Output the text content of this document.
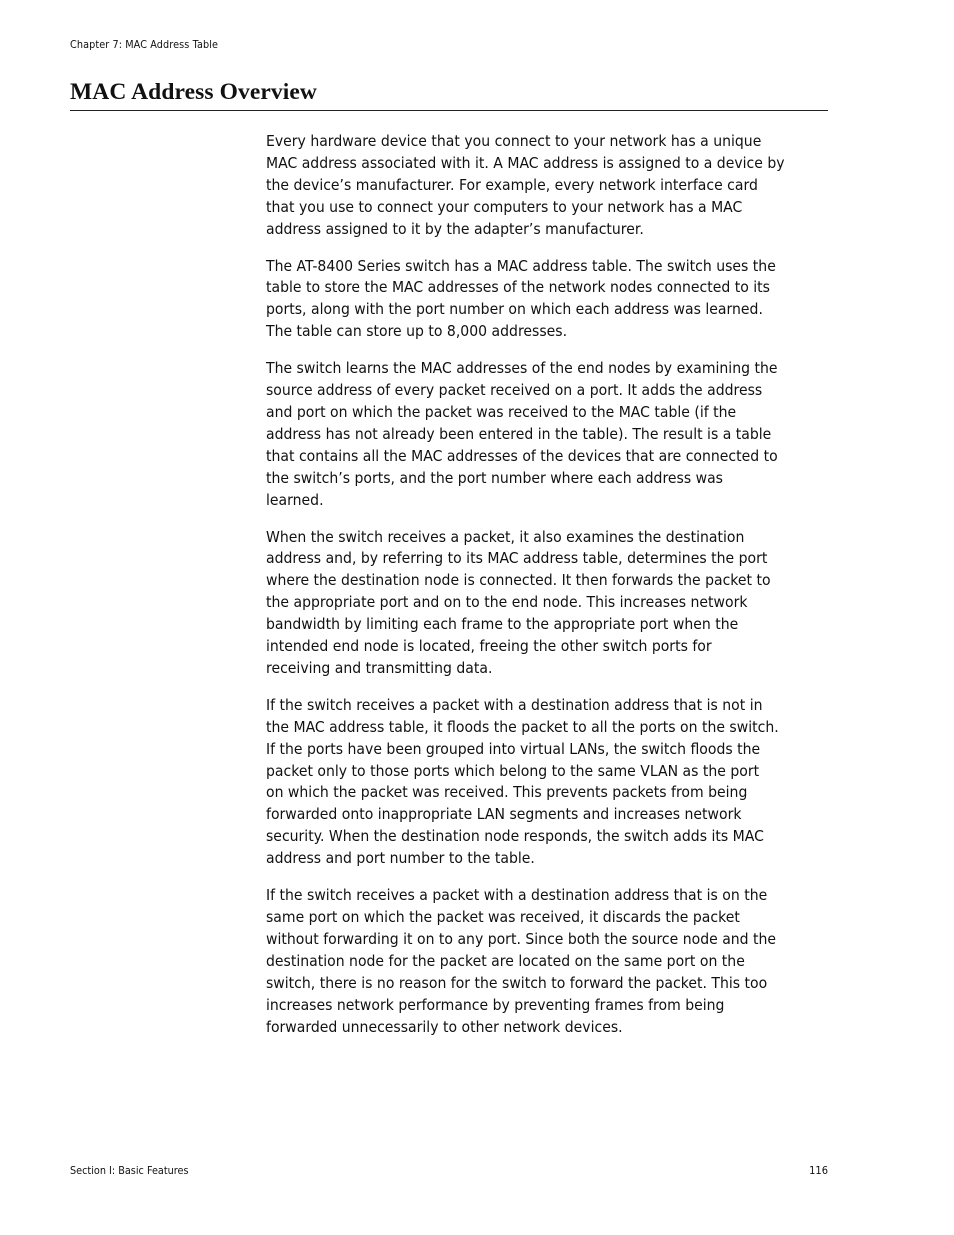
Chapter 7: MAC Address Table
MAC Address Overview

Every hardware device that you connect to your network has a unique
MAC address associated with it. A MAC address is assigned to a device by
the device’s manufacturer. For example, every network interface card
that you use to connect your computers to your network has a MAC
address assigned to it by the adapter’s manufacturer.

The AT-8400 Series switch has a MAC address table. The switch uses the
table to store the MAC addresses of the network nodes connected to its
ports, along with the port number on which each address was learned.
The table can store up to 8,000 addresses.

The switch learns the MAC addresses of the end nodes by examining the
source address of every packet received on a port. It adds the address
and port on which the packet was received to the MAC table (if the
address has not already been entered in the table). The result is a table
that contains all the MAC addresses of the devices that are connected to
the switch’s ports, and the port number where each address was
learned.

When the switch receives a packet, it also examines the destination
address and, by referring to its MAC address table, determines the port
where the destination node is connected. It then forwards the packet to
the appropriate port and on to the end node. This increases network
bandwidth by limiting each frame to the appropriate port when the
intended end node is located, freeing the other switch ports for
receiving and transmitting data.

If the switch receives a packet with a destination address that is not in
the MAC address table, it floods the packet to all the ports on the switch.
If the ports have been grouped into virtual LANs, the switch floods the
packet only to those ports which belong to the same VLAN as the port
on which the packet was received. This prevents packets from being
forwarded onto inappropriate LAN segments and increases network
security. When the destination node responds, the switch adds its MAC
address and port number to the table.

If the switch receives a packet with a destination address that is on the
same port on which the packet was received, it discards the packet
without forwarding it on to any port. Since both the source node and the
destination node for the packet are located on the same port on the
switch, there is no reason for the switch to forward the packet. This too
increases network performance by preventing frames from being
forwarded unnecessarily to other network devices.

Section I: Basic Features	116
